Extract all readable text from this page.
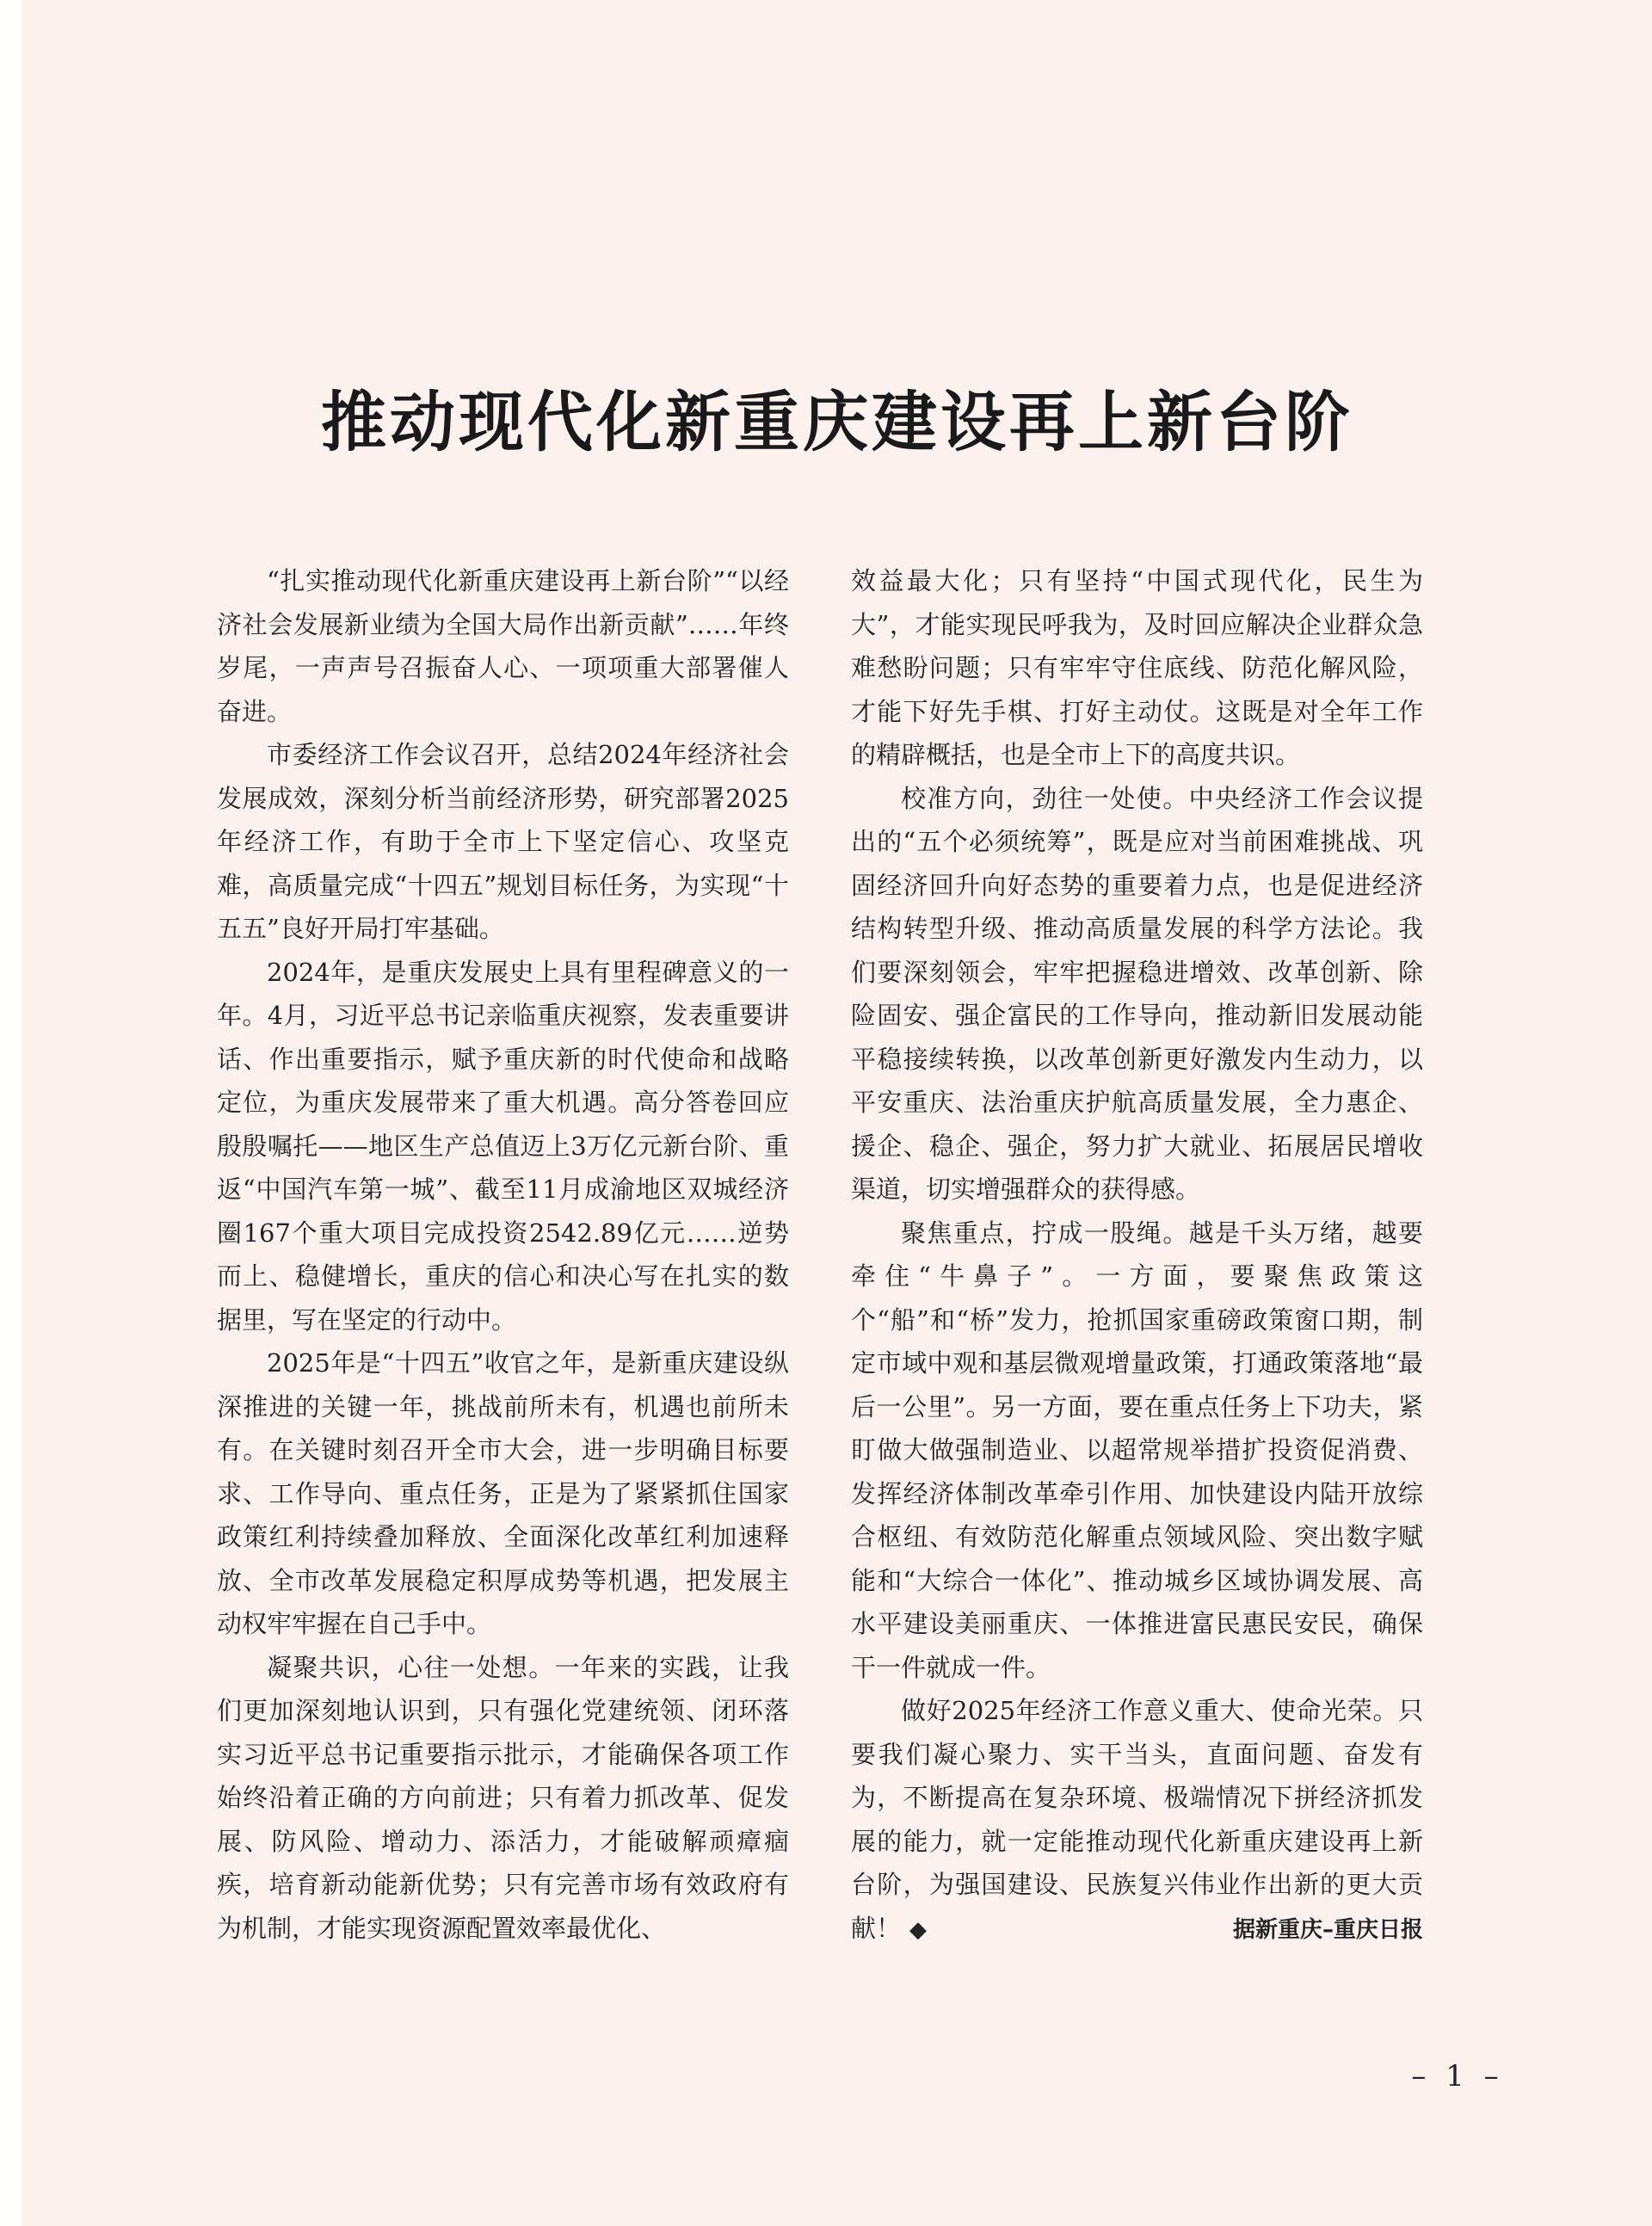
推动现代化新重庆建设再上新台阶

“扎实推动现代化新重庆建设再上新台阶”“以经济社会发展新业绩为全国大局作出新贡献”……年终岁尾，一声声号召振奋人心、一项项重大部署催人奋进。

市委经济工作会议召开，总结2024年经济社会发展成效，深刻分析当前经济形势，研究部署2025年经济工作，有助于全市上下坚定信心、攻坚克难，高质量完成“十四五”规划目标任务，为实现“十五五”良好开局打牢基础。

2024年，是重庆发展史上具有里程碑意义的一年。4月，习近平总书记亲临重庆视察，发表重要讲话、作出重要指示，赋予重庆新的时代使命和战略定位，为重庆发展带来了重大机遇。高分答卷回应殷殷嘱托——地区生产总值迈上3万亿元新台阶、重返“中国汽车第一城”、截至11月成渝地区双城经济圈167个重大项目完成投资2542.89亿元……逆势而上、稳健增长，重庆的信心和决心写在扎实的数据里，写在坚定的行动中。

2025年是“十四五”收官之年，是新重庆建设纵深推进的关键一年，挑战前所未有，机遇也前所未有。在关键时刻召开全市大会，进一步明确目标要求、工作导向、重点任务，正是为了紧紧抓住国家政策红利持续叠加释放、全面深化改革红利加速释放、全市改革发展稳定积厚成势等机遇，把发展主动权牢牢握在自己手中。

凝聚共识，心往一处想。一年来的实践，让我们更加深刻地认识到，只有强化党建统领、闭环落实习近平总书记重要指示批示，才能确保各项工作始终沿着正确的方向前进；只有着力抓改革、促发展、防风险、增动力、添活力，才能破解顽瘴痼疾，培育新动能新优势；只有完善市场有效政府有为机制，才能实现资源配置效率最优化、

效益最大化；只有坚持“中国式现代化，民生为大”，才能实现民呼我为，及时回应解决企业群众急难愁盼问题；只有牢牢守住底线、防范化解风险，才能下好先手棋、打好主动仗。这既是对全年工作的精辟概括，也是全市上下的高度共识。

校准方向，劲往一处使。中央经济工作会议提出的“五个必须统筹”，既是应对当前困难挑战、巩固经济回升向好态势的重要着力点，也是促进经济结构转型升级、推动高质量发展的科学方法论。我们要深刻领会，牢牢把握稳进增效、改革创新、除险固安、强企富民的工作导向，推动新旧发展动能平稳接续转换，以改革创新更好激发内生动力，以平安重庆、法治重庆护航高质量发展，全力惠企、援企、稳企、强企，努力扩大就业、拓展居民增收渠道，切实增强群众的获得感。

聚焦重点，拧成一股绳。越是千头万绪，越要牵住“牛鼻子”。一方面，要聚焦政策这个“船”和“桥”发力，抢抓国家重磅政策窗口期，制定市域中观和基层微观增量政策，打通政策落地“最后一公里”。另一方面，要在重点任务上下功夫，紧盯做大做强制造业、以超常规举措扩投资促消费、发挥经济体制改革牵引作用、加快建设内陆开放综合枢纽、有效防范化解重点领域风险、突出数字赋能和“大综合一体化”、推动城乡区域协调发展、高水平建设美丽重庆、一体推进富民惠民安民，确保干一件就成一件。

做好2025年经济工作意义重大、使命光荣。只要我们凝心聚力、实干当头，直面问题、奋发有为，不断提高在复杂环境、极端情况下拼经济抓发展的能力，就一定能推动现代化新重庆建设再上新台阶，为强国建设、民族复兴伟业作出新的更大贡献！ ◆	据新重庆–重庆日报

– 1 –
